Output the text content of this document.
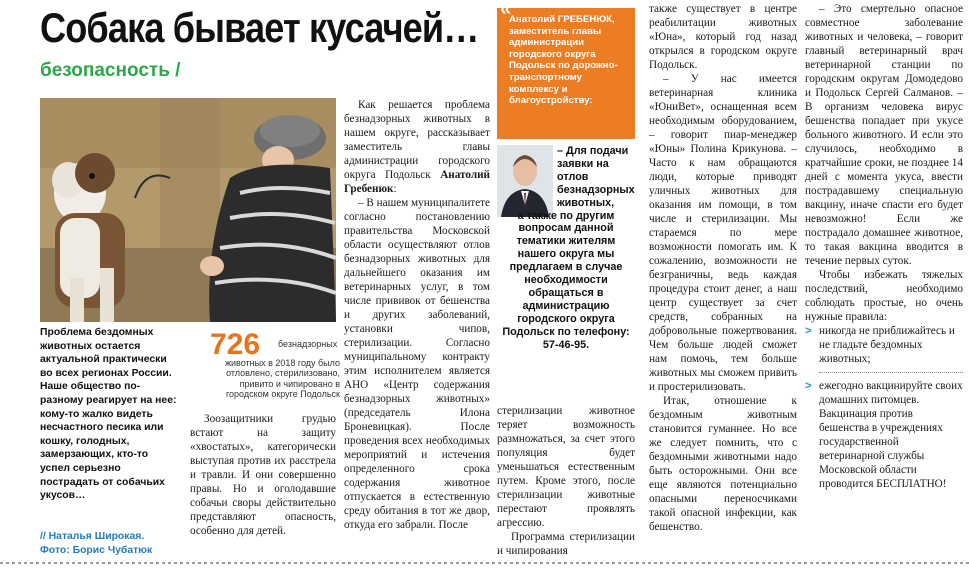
Собака бывает кусачей…
безопасность /
Проблема бездомных животных остается актуальной практически во всех регионах России. Наше общество по-разному реагирует на нее: кому-то жалко видеть несчастного песика или кошку, голодных, замерзающих, кто-то успел серьезно пострадать от собачьих укусов…
// Наталья Широкая.
Фото: Борис Чубатюк
726 безнадзорных
животных в 2018 году было отловлено, стерилизовано, привито и чипировано в городском округе Подольск

Зоозащитники грудью встают на защиту «хвостатых», категорически выступая против их расстрела и травли. И они совершенно правы. Но и оголодавшие собачьи своры действительно представляют опасность, особенно для детей.

Как решается проблема безнадзорных животных в нашем округе, рассказывает заместитель главы администрации городского округа Подольск Анатолий Гребенюк:

– В нашем муниципалитете согласно постановлению правительства Московской области осуществляют отлов безнадзорных животных для дальнейшего оказания им ветеринарных услуг, в том числе прививок от бешенства и других заболеваний, установки чипов, стерилизации. Согласно муниципальному контракту этим исполнителем является АНО «Центр содержания безнадзорных животных» (председатель Илона Броневицкая). После проведения всех необходимых мероприятий и истечения определенного срока содержания животное отпускается в естественную среду обитания в тот же двор, откуда его забрали. После

«
Анатолий ГРЕБЕНЮК, заместитель главы администрации городского округа Подольск по дорожно-транспортному комплексу и благоустройству:
– Для подачи заявки на отлов безнадзорных животных,
а также по другим вопросам данной тематики жителям нашего округа мы предлагаем в случае необходимости обращаться в администрацию городского округа Подольск по телефону: 57-46-95.

стерилизации животное теряет возможность размножаться, за счет этого популяция будет уменьшаться естественным путем. Кроме этого, после стерилизации животные перестают проявлять агрессию.

Программа стерилизации и чипирования

также существует в центре реабилитации животных «Юна», который год назад открылся в городском округе Подольск.

– У нас имеется ветеринарная клиника «ЮниВет», оснащенная всем необходимым оборудованием, – говорит пиар-менеджер «Юны» Полина Крикунова. – Часто к нам обращаются люди, которые приводят уличных животных для оказания им помощи, в том числе и стерилизации. Мы стараемся по мере возможности помогать им. К сожалению, возможности не безграничны, ведь каждая процедура стоит денег, а наш центр существует за счет средств, собранных на добровольные пожертвования. Чем больше людей сможет нам помочь, тем больше животных мы сможем привить и простерилизовать.

Итак, отношение к бездомным животным становится гуманнее. Но все же следует помнить, что с бездомными животными надо быть осторожными. Они все еще являются потенциально опасными переносчиками такой опасной инфекции, как бешенство.

– Это смертельно опасное совместное заболевание животных и человека, – говорит главный ветеринарный врач ветеринарной станции по городским округам Домодедово и Подольск Сергей Салманов. – В организм человека вирус бешенства попадает при укусе больного животного. И если это случилось, необходимо в кратчайшие сроки, не позднее 14 дней с момента укуса, ввести пострадавшему специальную вакцину, иначе спасти его будет невозможно! Если же пострадало домашнее животное, то такая вакцина вводится в течение первых суток.

Чтобы избежать тяжелых последствий, необходимо соблюдать простые, но очень нужные правила:

> никогда не приближайтесь и не гладьте бездомных животных;
> ежегодно вакцинируйте своих домашних питомцев. Вакцинация против бешенства в учреждениях государственной ветеринарной службы Московской области проводится БЕСПЛАТНО!
